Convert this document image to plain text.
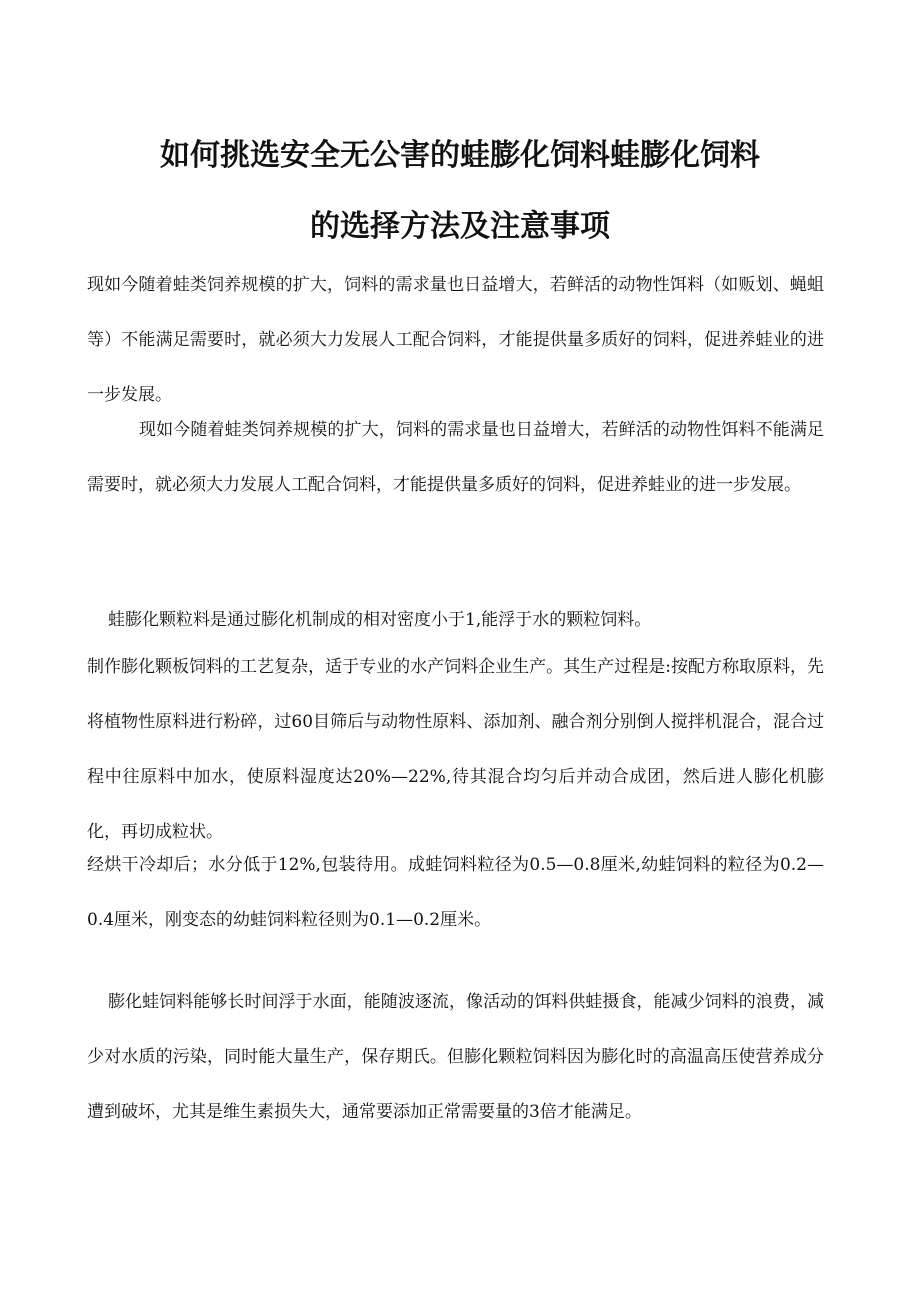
如何挑选安全无公害的蛙膨化饲料蛙膨化饲料
的选择方法及注意事项

现如今随着蛙类饲养规模的扩大，饲料的需求量也日益增大，若鲜活的动物性饵料（如贩划、蝇蛆等）不能满足需要时，就必须大力发展人工配合饲料，才能提供量多质好的饲料，促进养蛙业的进一步发展。

现如今随着蛙类饲养规模的扩大，饲料的需求量也日益增大，若鲜活的动物性饵料不能满足需要时，就必须大力发展人工配合饲料，才能提供量多质好的饲料，促进养蛙业的进一步发展。

蛙膨化颗粒料是通过膨化机制成的相对密度小于1,能浮于水的颗粒饲料。

制作膨化颗板饲料的工艺复杂，适于专业的水产饲料企业生产。其生产过程是:按配方称取原料，先将植物性原料进行粉碎，过60目筛后与动物性原料、添加剂、融合剂分别倒人搅拌机混合，混合过程中往原料中加水，使原料湿度达20%—22%,待其混合均匀后并动合成团，然后进人膨化机膨化，再切成粒状。

经烘干冷却后；水分低于12%,包装待用。成蛙饲料粒径为0.5—0.8厘米,幼蛙饲料的粒径为0.2—0.4厘米，刚变态的幼蛙饲料粒径则为0.1—0.2厘米。

膨化蛙饲料能够长时间浮于水面，能随波逐流，像活动的饵料供蛙摄食，能减少饲料的浪费，减少对水质的污染，同时能大量生产，保存期氏。但膨化颗粒饲料因为膨化时的高温高压使营养成分遭到破坏，尤其是维生素损失大，通常要添加正常需要量的3倍才能满足。
